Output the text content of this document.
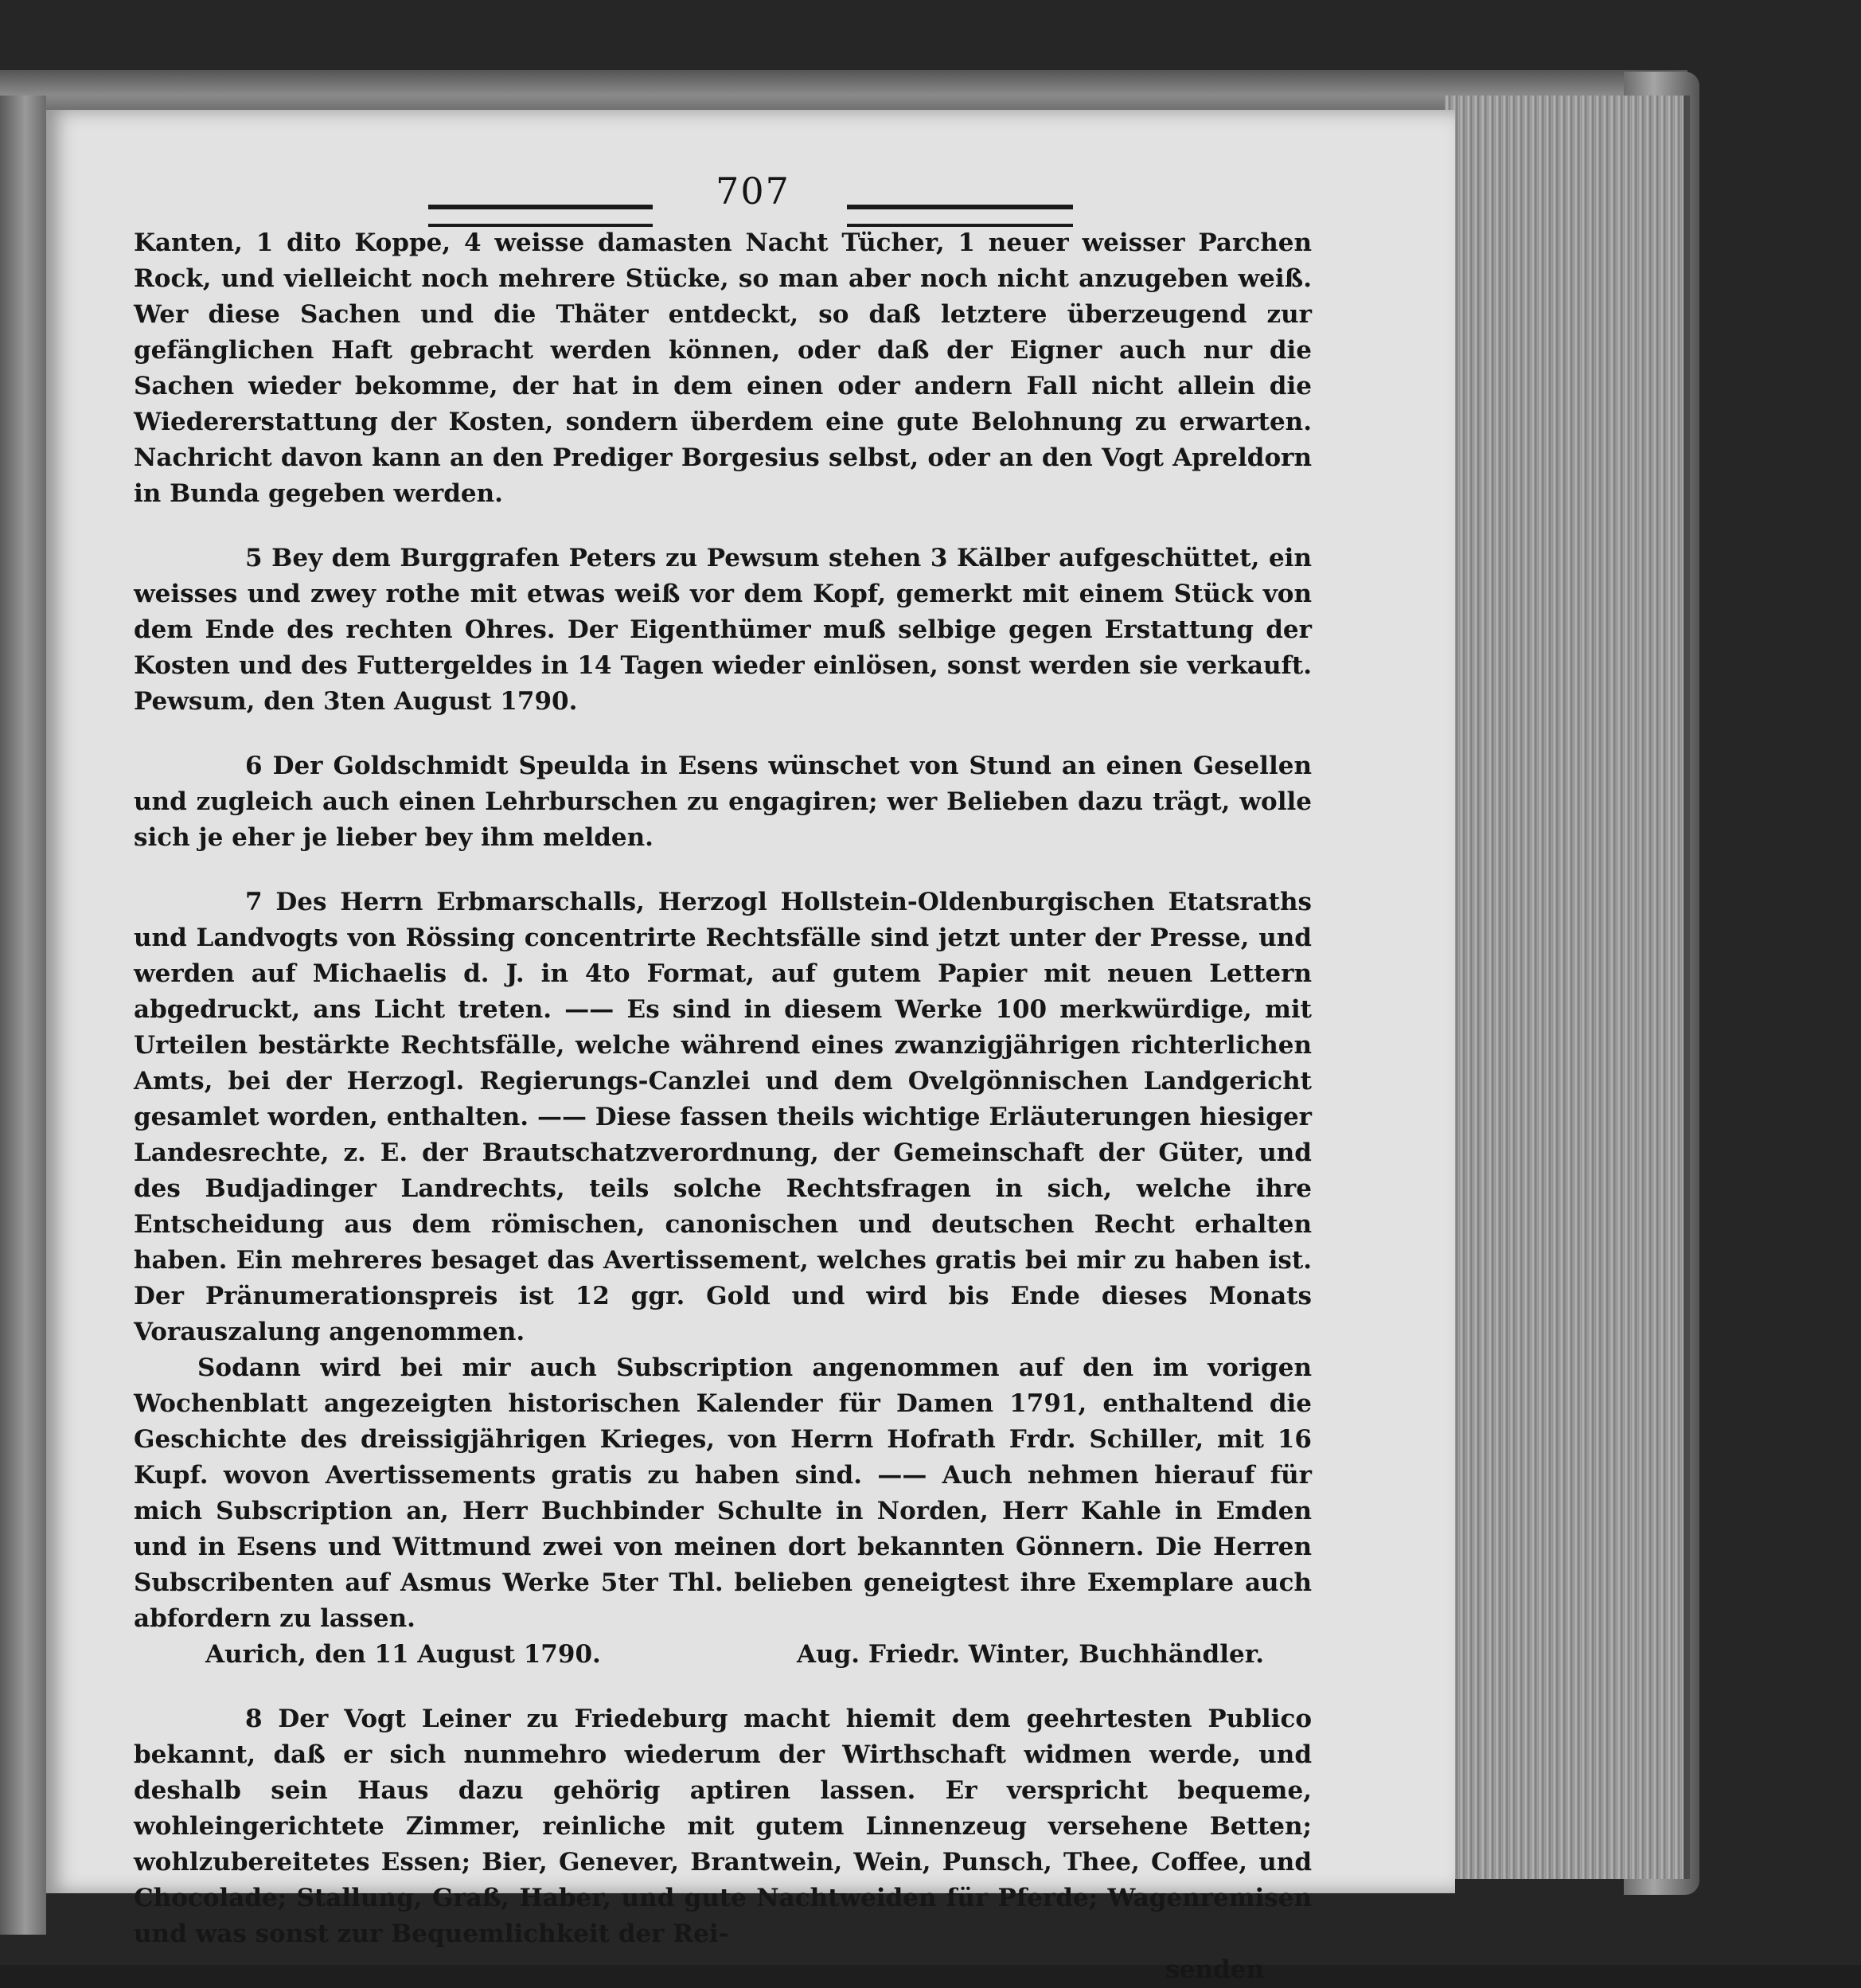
707

Kanten, 1 dito Koppe, 4 weisse damasten Nacht Tücher, 1 neuer weisser Parchen Rock, und vielleicht noch mehrere Stücke, so man aber noch nicht anzugeben weiß. Wer diese Sachen und die Thäter entdeckt, so daß letztere überzeugend zur gefänglichen Haft gebracht werden können, oder daß der Eigner auch nur die Sachen wieder bekomme, der hat in dem einen oder andern Fall nicht allein die Wiedererstattung der Kosten, sondern überdem eine gute Belohnung zu erwarten. Nachricht davon kann an den Prediger Borgesius selbst, oder an den Vogt Apreldorn in Bunda gegeben werden.

5 Bey dem Burggrafen Peters zu Pewsum stehen 3 Kälber aufgeschüttet, ein weisses und zwey rothe mit etwas weiß vor dem Kopf, gemerkt mit einem Stück von dem Ende des rechten Ohres. Der Eigenthümer muß selbige gegen Erstattung der Kosten und des Futtergeldes in 14 Tagen wieder einlösen, sonst werden sie verkauft. Pewsum, den 3ten August 1790.

6 Der Goldschmidt Speulda in Esens wünschet von Stund an einen Gesellen und zugleich auch einen Lehrburschen zu engagiren; wer Belieben dazu trägt, wolle sich je eher je lieber bey ihm melden.

7 Des Herrn Erbmarschalls, Herzogl Hollstein-Oldenburgischen Etatsraths und Landvogts von Rössing concentrirte Rechtsfälle sind jetzt unter der Presse, und werden auf Michaelis d. J. in 4to Format, auf gutem Papier mit neuen Lettern abgedruckt, ans Licht treten. —— Es sind in diesem Werke 100 merkwürdige, mit Urteilen bestärkte Rechtsfälle, welche während eines zwanzigjährigen richterlichen Amts, bei der Herzogl. Regierungs-Canzlei und dem Ovelgönnischen Landgericht gesamlet worden, enthalten. —— Diese fassen theils wichtige Erläuterungen hiesiger Landesrechte, z. E. der Brautschatzverordnung, der Gemeinschaft der Güter, und des Budjadinger Landrechts, teils solche Rechtsfragen in sich, welche ihre Entscheidung aus dem römischen, canonischen und deutschen Recht erhalten haben. Ein mehreres besaget das Avertissement, welches gratis bei mir zu haben ist. Der Pränumerationspreis ist 12 ggr. Gold und wird bis Ende dieses Monats Vorauszalung angenommen.

Sodann wird bei mir auch Subscription angenommen auf den im vorigen Wochenblatt angezeigten historischen Kalender für Damen 1791, enthaltend die Geschichte des dreissigjährigen Krieges, von Herrn Hofrath Frdr. Schiller, mit 16 Kupf. wovon Avertissements gratis zu haben sind. —— Auch nehmen hierauf für mich Subscription an, Herr Buchbinder Schulte in Norden, Herr Kahle in Emden und in Esens und Wittmund zwei von meinen dort bekannten Gönnern. Die Herren Subscribenten auf Asmus Werke 5ter Thl. belieben geneigtest ihre Exemplare auch abfordern zu lassen.

Aurich, den 11 August 1790.	Aug. Friedr. Winter, Buchhändler.

8 Der Vogt Leiner zu Friedeburg macht hiemit dem geehrtesten Publico bekannt, daß er sich nunmehro wiederum der Wirthschaft widmen werde, und deshalb sein Haus dazu gehörig aptiren lassen. Er verspricht bequeme, wohleingerichtete Zimmer, reinliche mit gutem Linnenzeug versehene Betten; wohlzubereitetes Essen; Bier, Genever, Brantwein, Wein, Punsch, Thee, Coffee, und Chocolade; Stallung, Graß, Haber, und gute Nachtweiden für Pferde; Wagenremisen und was sonst zur Bequemlichkeit der Rei-

senden
